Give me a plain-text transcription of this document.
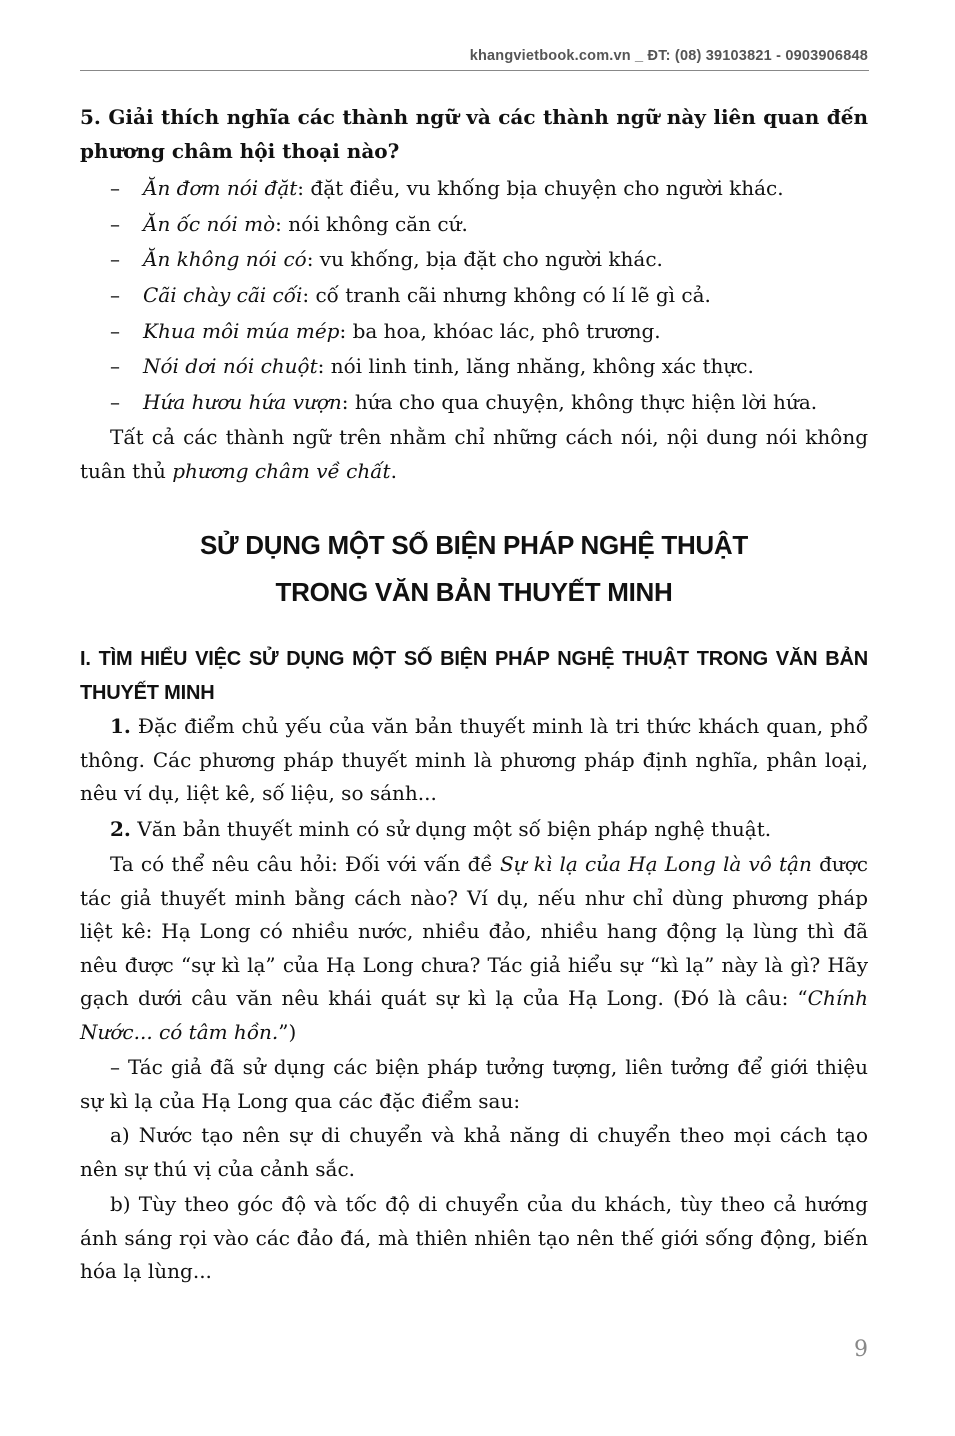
khangvietbook.com.vn _ ĐT: (08) 39103821 - 0903906848
5. Giải thích nghĩa các thành ngữ và các thành ngữ này liên quan đến phương châm hội thoại nào?
– Ăn đơm nói đặt: đặt điều, vu khống bịa chuyện cho người khác.
– Ăn ốc nói mò: nói không căn cứ.
– Ăn không nói có: vu khống, bịa đặt cho người khác.
– Cãi chày cãi cối: cố tranh cãi nhưng không có lí lẽ gì cả.
– Khua môi múa mép: ba hoa, khóac lác, phô trương.
– Nói dơi nói chuột: nói linh tinh, lăng nhăng, không xác thực.
– Hứa hươu hứa vượn: hứa cho qua chuyện, không thực hiện lời hứa.
Tất cả các thành ngữ trên nhằm chỉ những cách nói, nội dung nói không tuân thủ phương châm về chất.
SỬ DỤNG MỘT SỐ BIỆN PHÁP NGHỆ THUẬT
TRONG VĂN BẢN THUYẾT MINH
I. TÌM HIỂU VIỆC SỬ DỤNG MỘT SỐ BIỆN PHÁP NGHỆ THUẬT TRONG VĂN BẢN THUYẾT MINH

1. Đặc điểm chủ yếu của văn bản thuyết minh là tri thức khách quan, phổ thông. Các phương pháp thuyết minh là phương pháp định nghĩa, phân loại, nêu ví dụ, liệt kê, số liệu, so sánh...

2. Văn bản thuyết minh có sử dụng một số biện pháp nghệ thuật.

Ta có thể nêu câu hỏi: Đối với vấn đề Sự kì lạ của Hạ Long là vô tận được tác giả thuyết minh bằng cách nào? Ví dụ, nếu như chỉ dùng phương pháp liệt kê: Hạ Long có nhiều nước, nhiều đảo, nhiều hang động lạ lùng thì đã nêu được “sự kì lạ” của Hạ Long chưa? Tác giả hiểu sự “kì lạ” này là gì? Hãy gạch dưới câu văn nêu khái quát sự kì lạ của Hạ Long. (Đó là câu: “Chính Nước... có tâm hồn.”)

– Tác giả đã sử dụng các biện pháp tưởng tượng, liên tưởng để giới thiệu sự kì lạ của Hạ Long qua các đặc điểm sau:

a) Nước tạo nên sự di chuyển và khả năng di chuyển theo mọi cách tạo nên sự thú vị của cảnh sắc.

b) Tùy theo góc độ và tốc độ di chuyển của du khách, tùy theo cả hướng ánh sáng rọi vào các đảo đá, mà thiên nhiên tạo nên thế giới sống động, biến hóa lạ lùng...

9
